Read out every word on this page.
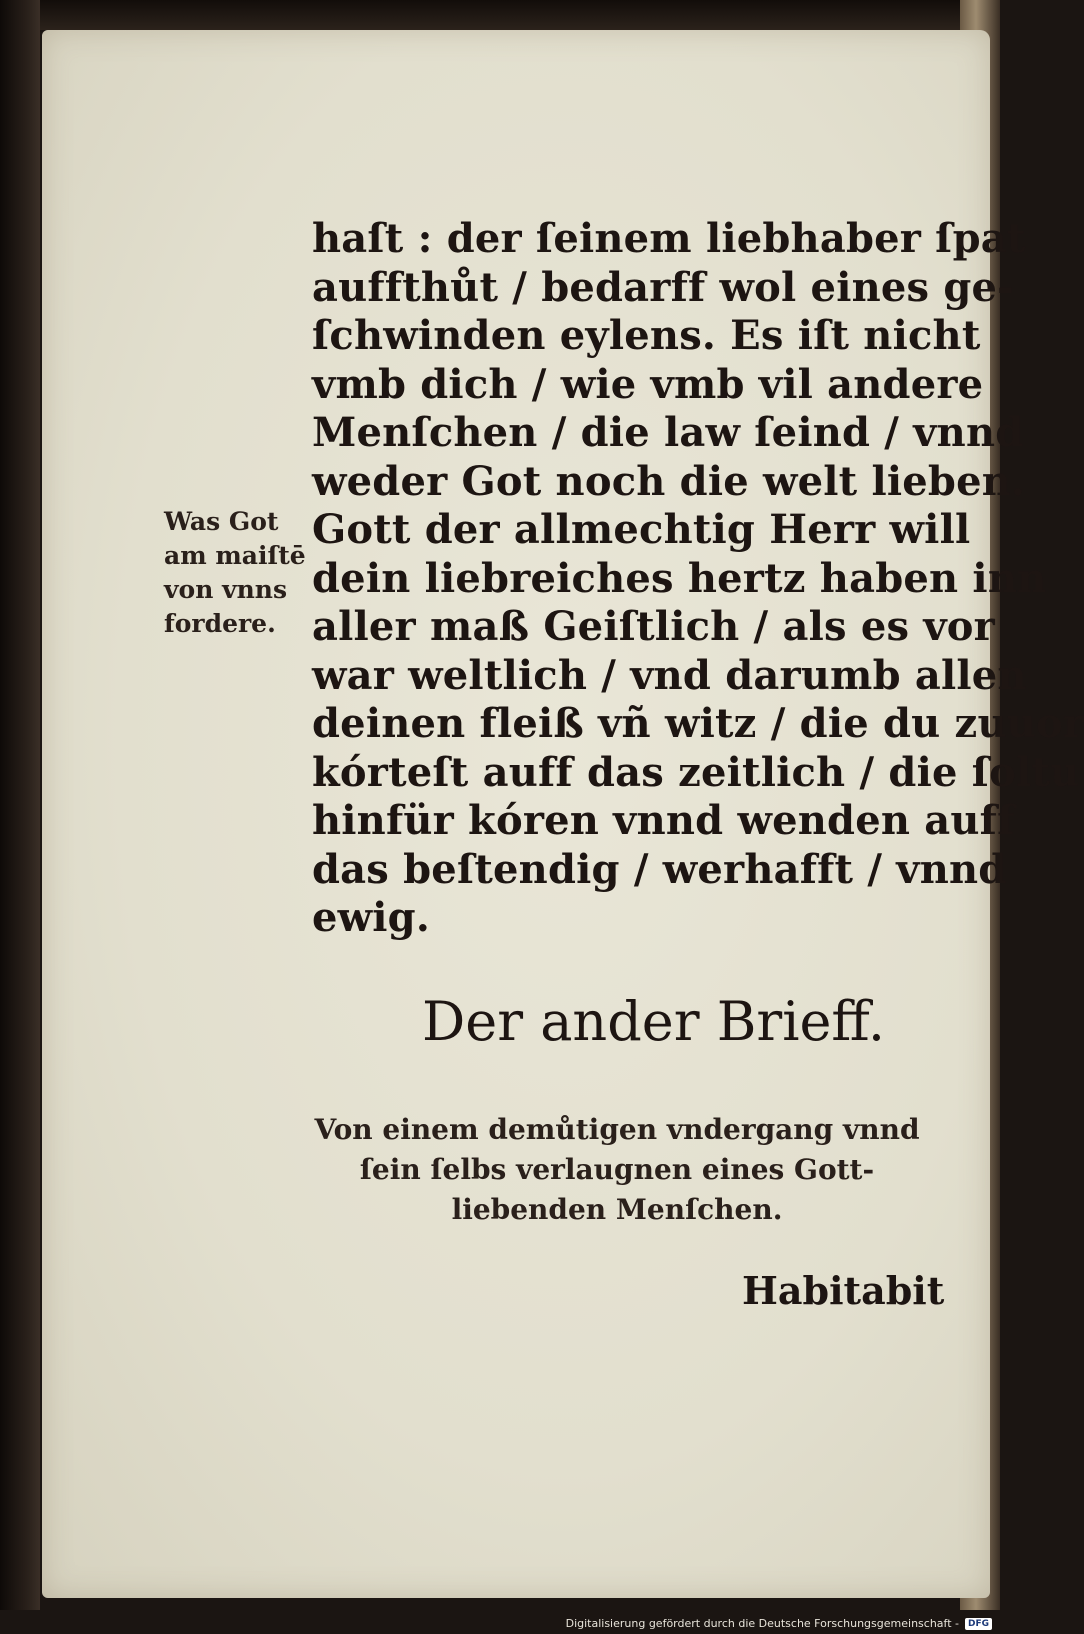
Was Got
am maiſtē
von vnns
fordere.
haſt : der ſeinem liebhaber ſpat
auffthůt / bedarff wol eines ge-
ſchwinden eylens. Es iſt nicht
vmb dich / wie vmb vil andere
Menſchen / die law ſeind / vnnd
weder Got noch die welt lieben.
Gott der allmechtig Herr will
dein liebreiches hertz haben inn
aller maß Geiſtlich / als es vor
war weltlich / vnd darumb allen
deinen fleiß vñ witz / die du zuuor
kórteſt auff das zeitlich / die ſoltu
hinfür kóren vnnd wenden auff
das beſtendig / werhafft / vnnd
ewig.
Der ander Brieff.
Von einem demůtigen vndergang vnnd
ſein ſelbs verlaugnen eines Gott-
liebenden Menſchen.
Habitabit
Digitalisierung gefördert durch die Deutsche Forschungsgemeinschaft -	DFG
